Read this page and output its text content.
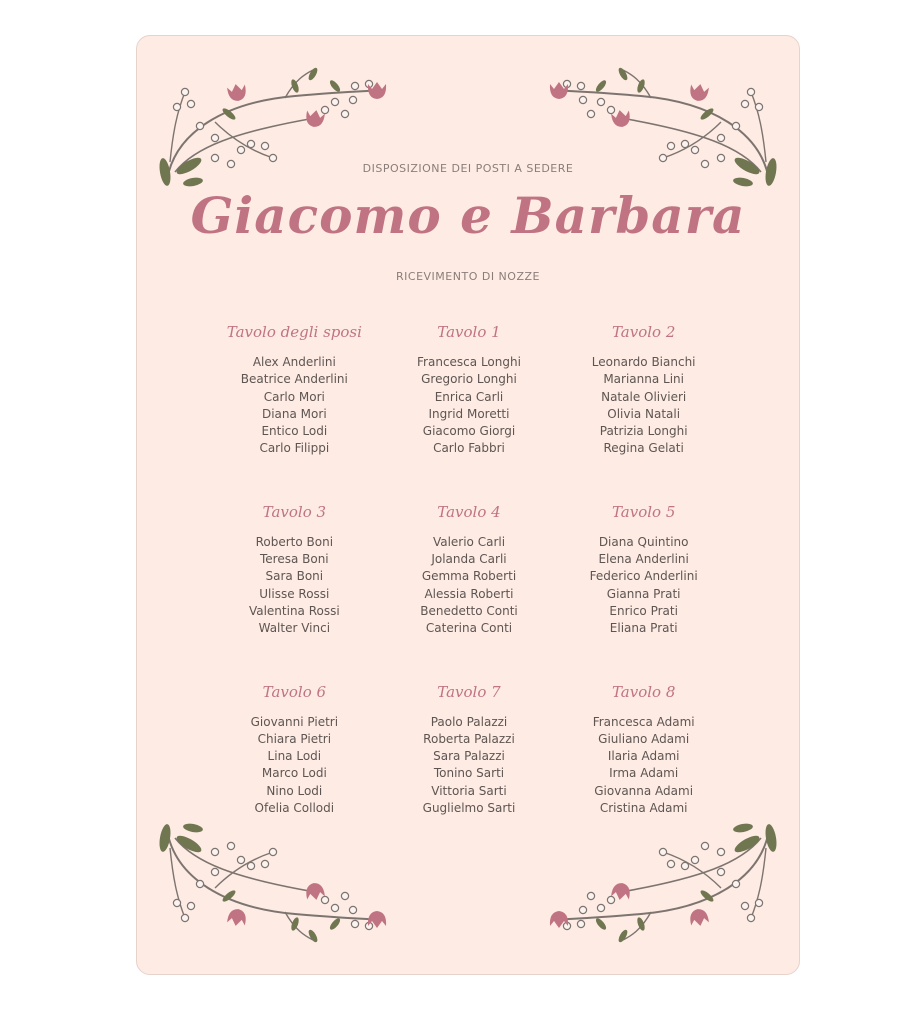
DISPOSIZIONE DEI POSTI A SEDERE
Giacomo e Barbara
RICEVIMENTO DI NOZZE
Tavolo degli sposi
Alex Anderlini
Beatrice Anderlini
Carlo Mori
Diana Mori
Entico Lodi
Carlo Filippi
Tavolo 1
Francesca Longhi
Gregorio Longhi
Enrica Carli
Ingrid Moretti
Giacomo Giorgi
Carlo Fabbri
Tavolo 2
Leonardo Bianchi
Marianna Lini
Natale Olivieri
Olivia Natali
Patrizia Longhi
Regina Gelati
Tavolo 3
Roberto Boni
Teresa Boni
Sara Boni
Ulisse Rossi
Valentina Rossi
Walter Vinci
Tavolo 4
Valerio Carli
Jolanda Carli
Gemma Roberti
Alessia Roberti
Benedetto Conti
Caterina Conti
Tavolo 5
Diana Quintino
Elena Anderlini
Federico Anderlini
Gianna Prati
Enrico Prati
Eliana Prati
Tavolo 6
Giovanni Pietri
Chiara Pietri
Lina Lodi
Marco Lodi
Nino Lodi
Ofelia Collodi
Tavolo 7
Paolo Palazzi
Roberta Palazzi
Sara Palazzi
Tonino Sarti
Vittoria Sarti
Guglielmo Sarti
Tavolo 8
Francesca Adami
Giuliano Adami
Ilaria Adami
Irma Adami
Giovanna Adami
Cristina Adami
